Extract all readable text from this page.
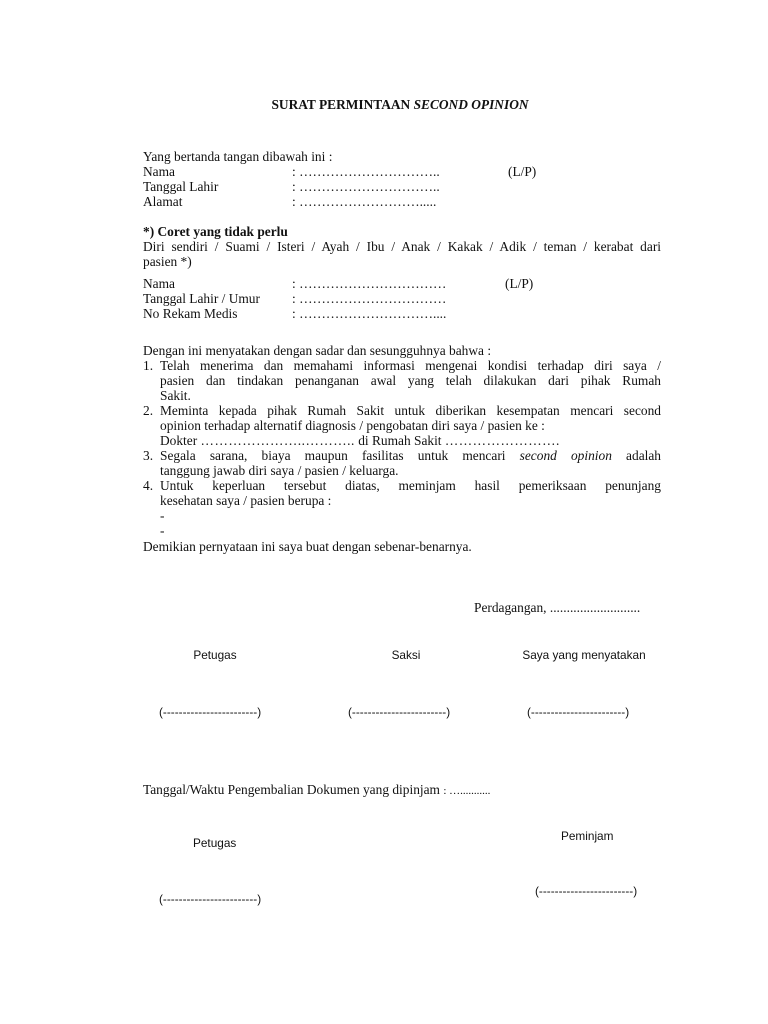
SURAT PERMINTAAN SECOND OPINION
Yang bertanda tangan dibawah ini :
Nama	: …………………………..	(L/P)
Tanggal Lahir	: …………………………..
Alamat	: ……………………….....
*) Coret yang tidak perlu
Diri sendiri / Suami / Isteri / Ayah / Ibu / Anak / Kakak / Adik / teman / kerabat dari
pasien *)
Nama	: ……………………………	(L/P)
Tanggal Lahir / Umur : ……………………………
No Rekam Medis	: …………………………....
Dengan ini menyatakan dengan sadar dan sesungguhnya bahwa :
1. Telah menerima dan memahami informasi mengenai kondisi terhadap diri saya /
pasien dan tindakan penanganan awal yang telah dilakukan dari pihak Rumah
Sakit.
2. Meminta kepada pihak Rumah Sakit untuk diberikan kesempatan mencari second
opinion terhadap alternatif diagnosis / pengobatan diri saya / pasien ke :
Dokter …………………..……….. di Rumah Sakit …………………….
3. Segala sarana, biaya maupun fasilitas untuk mencari second opinion adalah
tanggung jawab diri saya / pasien / keluarga.
4. Untuk keperluan tersebut diatas, meminjam hasil pemeriksaan penunjang
kesehatan saya / pasien berupa :
-
-
Demikian pernyataan ini saya buat dengan sebenar-benarnya.
Perdagangan, ...........................
Petugas	Saksi	Saya yang menyatakan
(------------------------)	(------------------------)	(------------------------)
Tanggal/Waktu Pengembalian Dokumen yang dipinjam : …...........
Petugas	Peminjam
(------------------------)
(------------------------)
